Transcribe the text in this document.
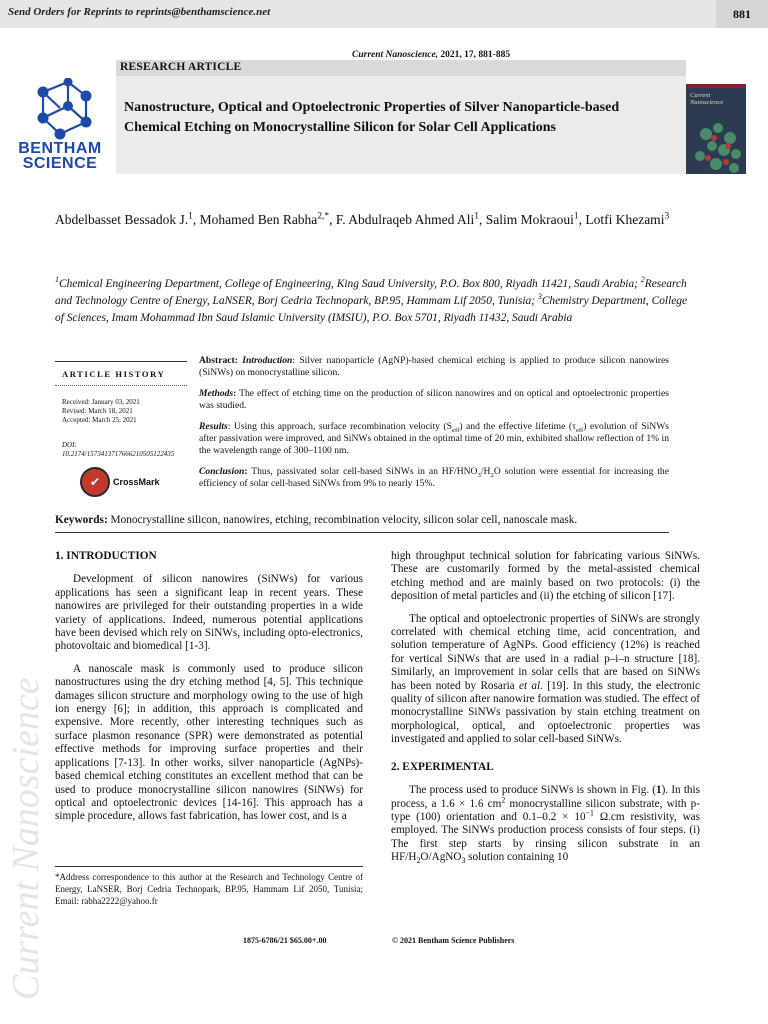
Send Orders for Reprints to reprints@benthamscience.net	881
Current Nanoscience, 2021, 17, 881-885
BENTHAM
SCIENCE
RESEARCH ARTICLE
Nanostructure, Optical and Optoelectronic Properties of Silver Nanoparticle-based Chemical Etching on Monocrystalline Silicon for Solar Cell Applications
Current Nanoscience
Abdelbasset Bessadok J.$^1$, Mohamed Ben Rabha$^{2,*}$, F. Abdulraqeb Ahmed Ali$^1$, Salim Mokraoui$^1$, Lotfi Khezami$^3$
$^1$Chemical Engineering Department, College of Engineering, King Saud University, P.O. Box 800, Riyadh 11421, Saudi Arabia; $^2$Research and Technology Centre of Energy, LaNSER, Borj Cedria Technopark, BP.95, Hammam Lif 2050, Tunisia; $^3$Chemistry Department, College of Sciences, Imam Mohammad Ibn Saud Islamic University (IMSIU), P.O. Box 5701, Riyadh 11432, Saudi Arabia
ARTICLE HISTORY
Received: January 03, 2021
Revised: March 18, 2021
Accepted: March 25, 2021
DOI:
10.2174/1573413717666210505122435
✔	CrossMark

Abstract: Introduction: Silver nanoparticle (AgNP)-based chemical etching is applied to produce silicon nanowires (SiNWs) on monocrystalline silicon.

Methods: The effect of etching time on the production of silicon nanowires and on optical and optoelectronic properties was studied.

Results: Using this approach, surface recombination velocity $(S_{eff})$ and the effective lifetime $(\tau_{eff})$ evolution of SiNWs after passivation were improved, and SiNWs obtained in the optimal time of 20 min, exhibited shallow reflection of 1% in the wavelength range of 300–1100 nm.

Conclusion: Thus, passivated solar cell-based SiNWs in an $HF/HNO_3/H_2O$ solution were essential for increasing the efficiency of solar cell-based SiNWs from 9% to nearly 15%.

Keywords: Monocrystalline silicon, nanowires, etching, recombination velocity, silicon solar cell, nanoscale mask.
Current Nanoscience
1. INTRODUCTION

Development of silicon nanowires (SiNWs) for various applications has seen a significant leap in recent years. These nanowires are privileged for their outstanding properties in a wide variety of applications. Indeed, numerous potential applications have been devised which rely on SiNWs, including opto-electronics, photovoltaic and biomedical [1-3].

A nanoscale mask is commonly used to produce silicon nanostructures using the dry etching method [4, 5]. This technique damages silicon structure and morphology owing to the use of high ion energy [6]; in addition, this approach is complicated and expensive. More recently, other interesting techniques such as surface plasmon resonance (SPR) were demonstrated as potential effective methods for improving surface properties and their applications [7-13]. In other works, silver nanoparticle (AgNPs)-based chemical etching constitutes an excellent method that can be used to produce monocrystalline silicon nanowires (SiNWs) for optical and optoelectronic devices [14-16]. This approach has a simple procedure, allows fast fabrication, has lower cost, and is a

high throughput technical solution for fabricating various SiNWs. These are customarily formed by the metal-assisted chemical etching method and are mainly based on two protocols: (i) the deposition of metal particles and (ii) the etching of silicon [17].

The optical and optoelectronic properties of SiNWs are strongly correlated with chemical etching time, acid concentration, and solution temperature of AgNPs. Good efficiency (12%) is reached for vertical SiNWs that are used in a radial p–i–n structure [18]. Similarly, an improvement in solar cells that are based on SiNWs has been noted by Rosaria et al. [19]. In this study, the electronic quality of silicon after nanowire formation was studied. The effect of monocrystalline SiNWs passivation by stain etching treatment on morphological, optical, and optoelectronic properties was investigated and applied to solar cell-based SiNWs.

2. EXPERIMENTAL

The process used to produce SiNWs is shown in Fig. (1). In this process, a 1.6 × 1.6 $cm^2$ monocrystalline silicon substrate, with p-type (100) orientation and $0.1-0.2 \times 10^{-1}$ Ω.cm resistivity, was employed. The SiNWs production process consists of four steps. (i) The first step starts by rinsing silicon substrate in an $HF/H_2O/AgNO_3$ solution containing 10

*Address correspondence to this author at the Research and Technology Centre of Energy, LaNSER, Borj Cedria Technopark, BP.95, Hammam Lif 2050, Tunisia; Email: rabha2222@yahoo.fr
1875-6786/21 $65.00+.00	© 2021 Bentham Science Publishers
